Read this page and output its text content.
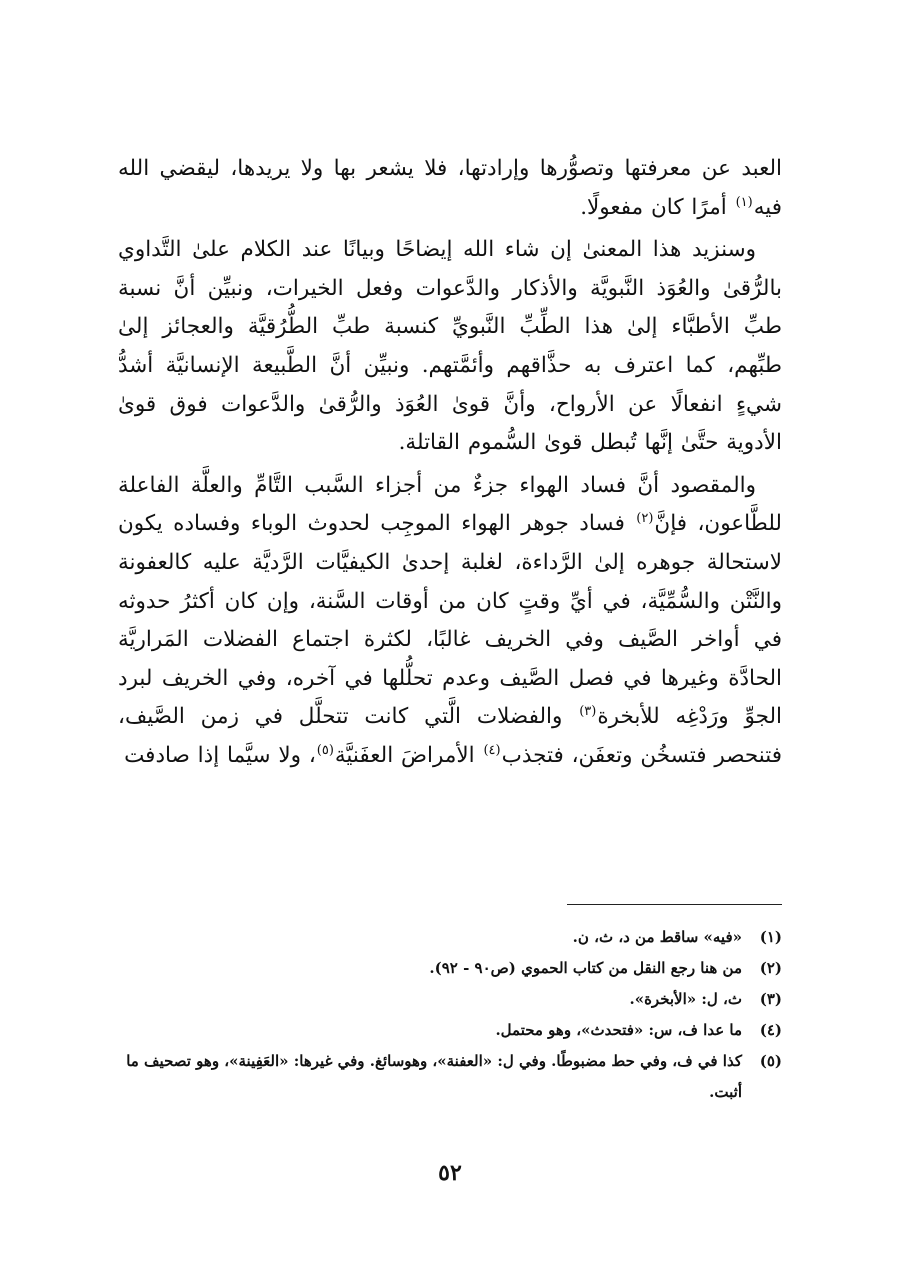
العبد عن معرفتها وتصوُّرها وإرادتها، فلا يشعر بها ولا يريدها، ليقضي الله فيه$^{(١)}$ أمرًا كان مفعولًا.

وسنزيد هذا المعنىٰ إن شاء الله إيضاحًا وبيانًا عند الكلام علىٰ التَّداوي بالرُّقىٰ والعُوَذ النَّبويَّة والأذكار والدَّعوات وفعل الخيرات، ونبيِّن أنَّ نسبة طبِّ الأطبَّاء إلىٰ هذا الطِّبِّ النَّبويِّ كنسبة طبِّ الطُّرُقيَّة والعجائز إلىٰ طبِّهم، كما اعترف به حذَّاقهم وأئمَّتهم. ونبيِّن أنَّ الطَّبيعة الإنسانيَّة أشدُّ شيءٍ انفعالًا عن الأرواح، وأنَّ قوىٰ العُوَذ والرُّقىٰ والدَّعوات فوق قوىٰ الأدوية حتَّىٰ إنَّها تُبطل قوىٰ السُّموم القاتلة.

والمقصود أنَّ فساد الهواء جزءٌ من أجزاء السَّبب التَّامِّ والعلَّة الفاعلة للطَّاعون، فإنَّ$^{(٢)}$ فساد جوهر الهواء الموجِب لحدوث الوباء وفساده يكون لاستحالة جوهره إلىٰ الرَّداءة، لغلبة إحدىٰ الكيفيَّات الرَّديَّة عليه كالعفونة والنَّتْن والسُّمِّيَّة، في أيِّ وقتٍ كان من أوقات السَّنة، وإن كان أكثرُ حدوثه في أواخر الصَّيف وفي الخريف غالبًا، لكثرة اجتماع الفضلات المَراريَّة الحادَّة وغيرها في فصل الصَّيف وعدم تحلُّلها في آخره، وفي الخريف لبرد الجوِّ ورَدْغِه للأبخرة$^{(٣)}$ والفضلات الَّتي كانت تتحلَّل في زمن الصَّيف، فتنحصر فتسخُن وتعفَن، فتجذب$^{(٤)}$ الأمراضَ العفَنيَّة$^{(٥)}$، ولا سيَّما إذا صادفت

(١)
«فيه» ساقط من د، ث، ن.
(٢)
من هنا رجع النقل من كتاب الحموي (ص٩٠ - ٩٢).
(٣)
ث، ل: «الأبخرة».
(٤)
ما عدا ف، س: «فتحدث»، وهو محتمل.
(٥)
كذا في ف، وفي حط مضبوطًا. وفي ل: «العفنة»، وهوسائغ. وفي غيرها: «العَفِينة»، وهو تصحيف ما أثبت.
٥٢
